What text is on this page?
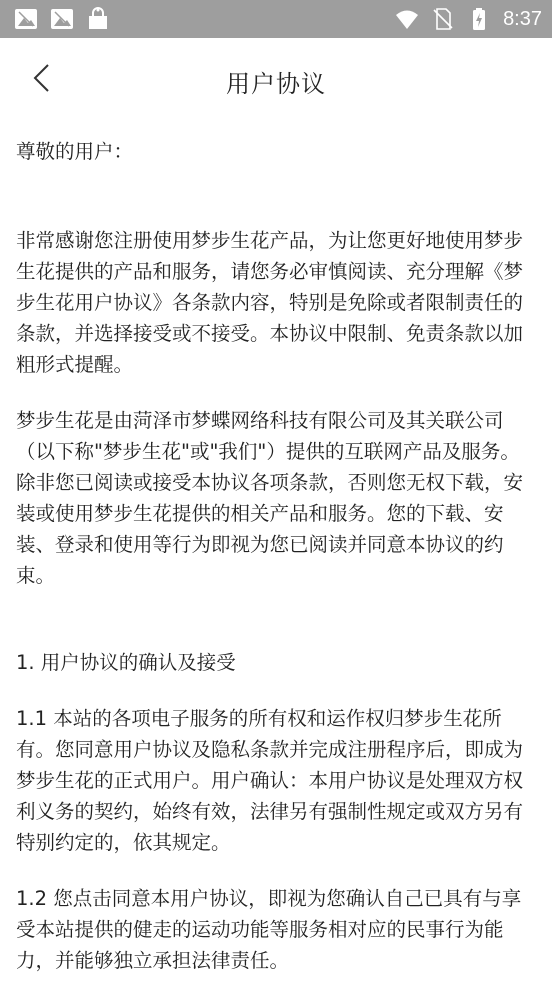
8:37
用户协议

尊敬的用户：

非常感谢您注册使用梦步生花产品，为让您更好地使用梦步生花提供的产品和服务，请您务必审慎阅读、充分理解《梦步生花用户协议》各条款内容，特别是免除或者限制责任的条款，并选择接受或不接受。本协议中限制、免责条款以加粗形式提醒。

梦步生花是由菏泽市梦蝶网络科技有限公司及其关联公司（以下称"梦步生花"或"我们"）提供的互联网产品及服务。除非您已阅读或接受本协议各项条款，否则您无权下载，安装或使用梦步生花提供的相关产品和服务。您的下载、安装、登录和使用等行为即视为您已阅读并同意本协议的约束。

1. 用户协议的确认及接受

1.1 本站的各项电子服务的所有权和运作权归梦步生花所有。您同意用户协议及隐私条款并完成注册程序后，即成为梦步生花的正式用户。用户确认：本用户协议是处理双方权利义务的契约，始终有效，法律另有强制性规定或双方另有特别约定的，依其规定。

1.2 您点击同意本用户协议，即视为您确认自己已具有与享受本站提供的健走的运动功能等服务相对应的民事行为能力，并能够独立承担法律责任。
